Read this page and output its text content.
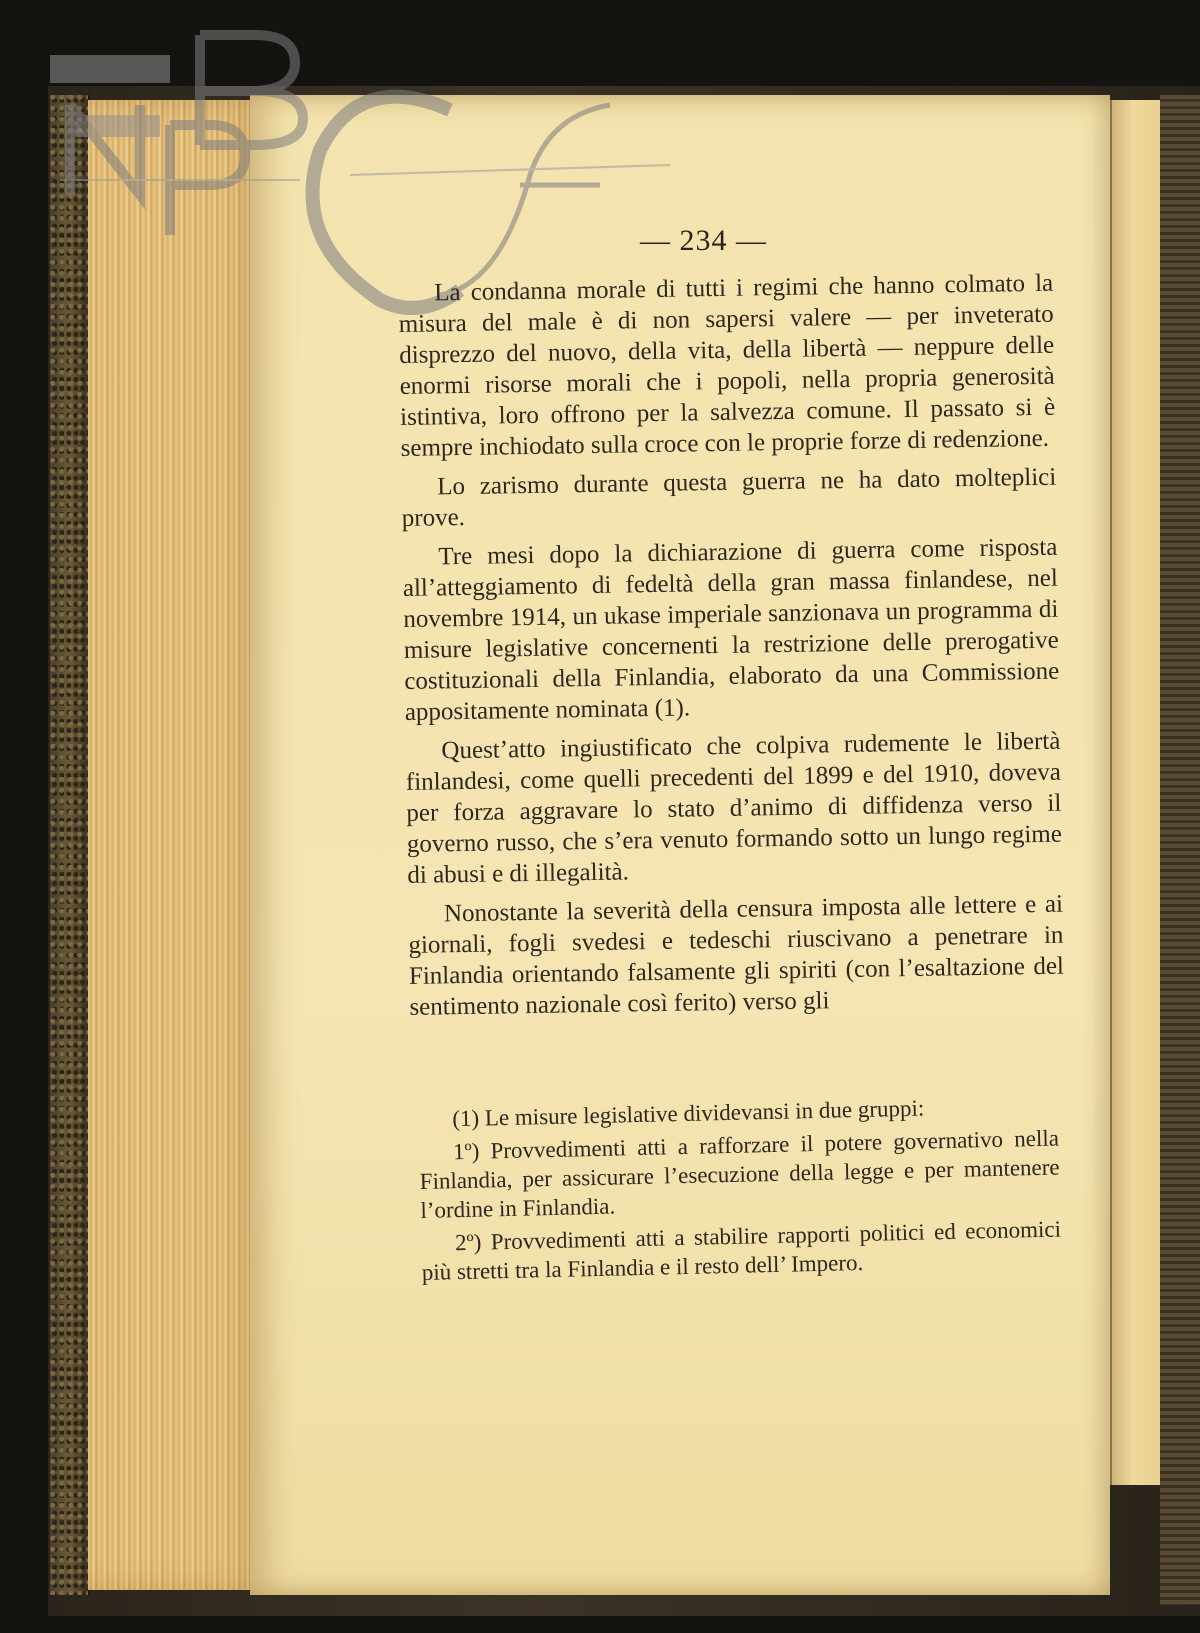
— 234 —

La condanna morale di tutti i regimi che hanno colmato la misura del male è di non sapersi valere — per inveterato disprezzo del nuovo, della vita, della libertà — neppure delle enormi risorse morali che i popoli, nella propria generosità istintiva, loro offrono per la salvezza comune. Il passato si è sempre inchiodato sulla croce con le proprie forze di redenzione.

Lo zarismo durante questa guerra ne ha dato molteplici prove.

Tre mesi dopo la dichiarazione di guerra come risposta all’atteggiamento di fedeltà della gran massa finlandese, nel novembre 1914, un ukase imperiale sanzionava un programma di misure legislative concernenti la restrizione delle prerogative costituzionali della Finlandia, elaborato da una Commissione appositamente nominata (1).

Quest’atto ingiustificato che colpiva rudemente le libertà finlandesi, come quelli precedenti del 1899 e del 1910, doveva per forza aggravare lo stato d’animo di diffidenza verso il governo russo, che s’era venuto formando sotto un lungo regime di abusi e di illegalità.

Nonostante la severità della censura imposta alle lettere e ai giornali, fogli svedesi e tedeschi riuscivano a penetrare in Finlandia orientando falsamente gli spiriti (con l’esaltazione del sentimento nazionale così ferito) verso gli

(1) Le misure legislative dividevansi in due gruppi:

1º) Provvedimenti atti a rafforzare il potere governativo nella Finlandia, per assicurare l’esecuzione della legge e per mantenere l’ordine in Finlandia.

2º) Provvedimenti atti a stabilire rapporti politici ed economici più stretti tra la Finlandia e il resto dell’ Impero.
